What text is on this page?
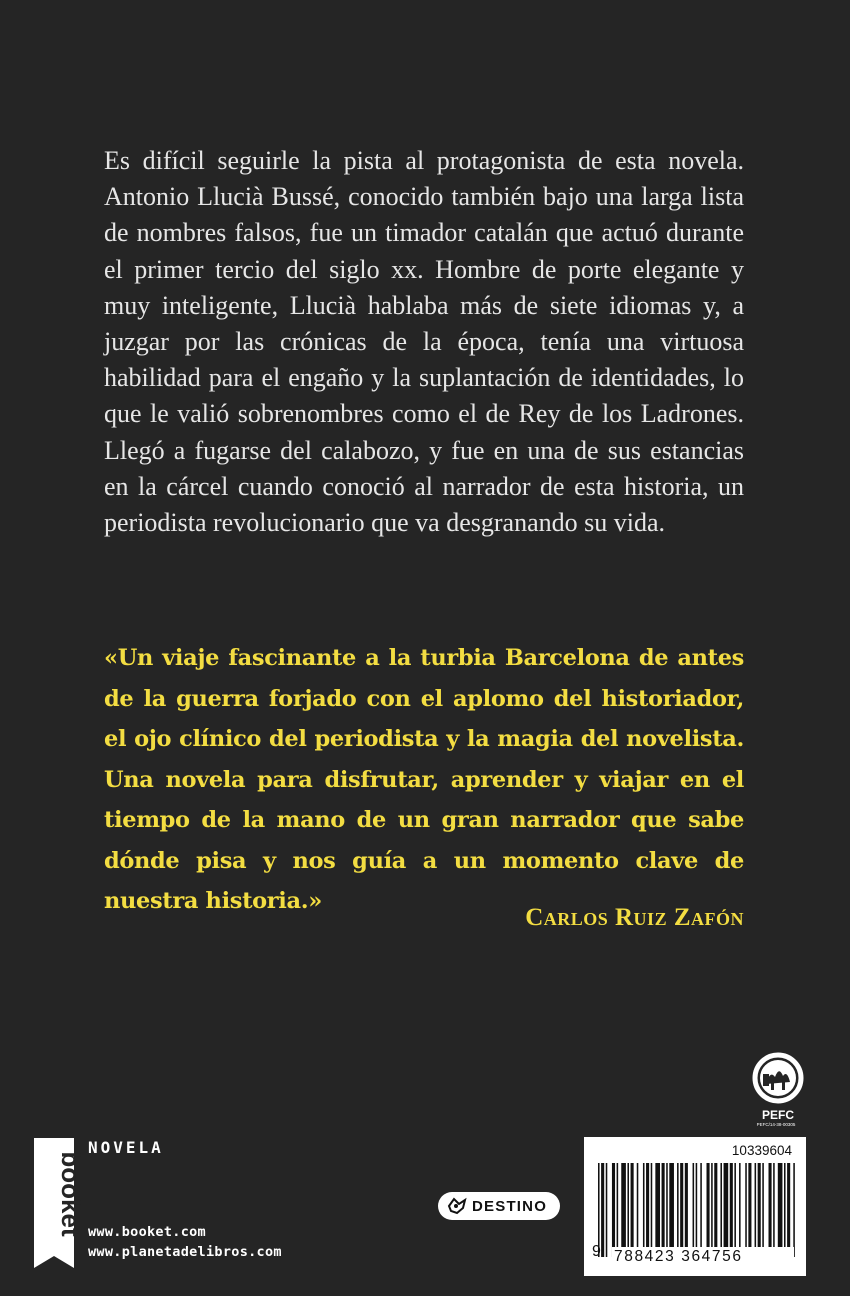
Es difícil seguirle la pista al protagonista de esta novela. Antonio Llucià Bussé, conocido también bajo una larga lista de nombres falsos, fue un timador catalán que actuó durante el primer tercio del siglo xx. Hombre de porte elegante y muy inteligente, Llucià hablaba más de siete idiomas y, a juzgar por las crónicas de la época, tenía una virtuosa habilidad para el engaño y la suplantación de identidades, lo que le valió sobrenombres como el de Rey de los Ladrones. Llegó a fugarse del calabozo, y fue en una de sus estancias en la cárcel cuando conoció al narrador de esta historia, un periodista revolucionario que va desgranando su vida.

«Un viaje fascinante a la turbia Barcelona de antes de la guerra forjado con el aplomo del historiador, el ojo clínico del periodista y la magia del novelista. Una novela para disfrutar, aprender y viajar en el tiempo de la mano de un gran narrador que sabe dónde pisa y nos guía a un momento clave de nuestra historia.»

Carlos Ruiz Zafón
PEFC
PEFC/14-38-00305
booket
NOVELA
www.booket.com
www.planetadelibros.com
DESTINO
10339604
9 788423 364756
